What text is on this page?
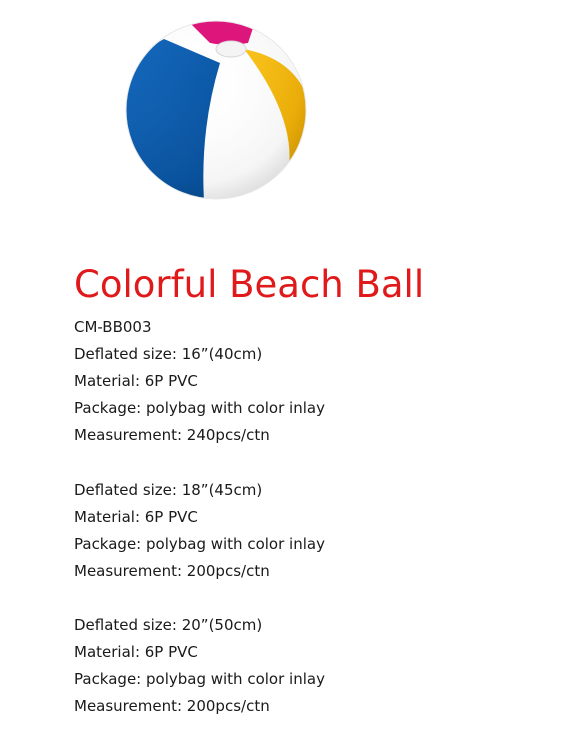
Colorful Beach Ball
CM-BB003
Deflated size: 16”(40cm)
Material: 6P PVC
Package: polybag with color inlay
Measurement: 240pcs/ctn
Deflated size: 18”(45cm)
Material: 6P PVC
Package: polybag with color inlay
Measurement: 200pcs/ctn
Deflated size: 20”(50cm)
Material: 6P PVC
Package: polybag with color inlay
Measurement: 200pcs/ctn
